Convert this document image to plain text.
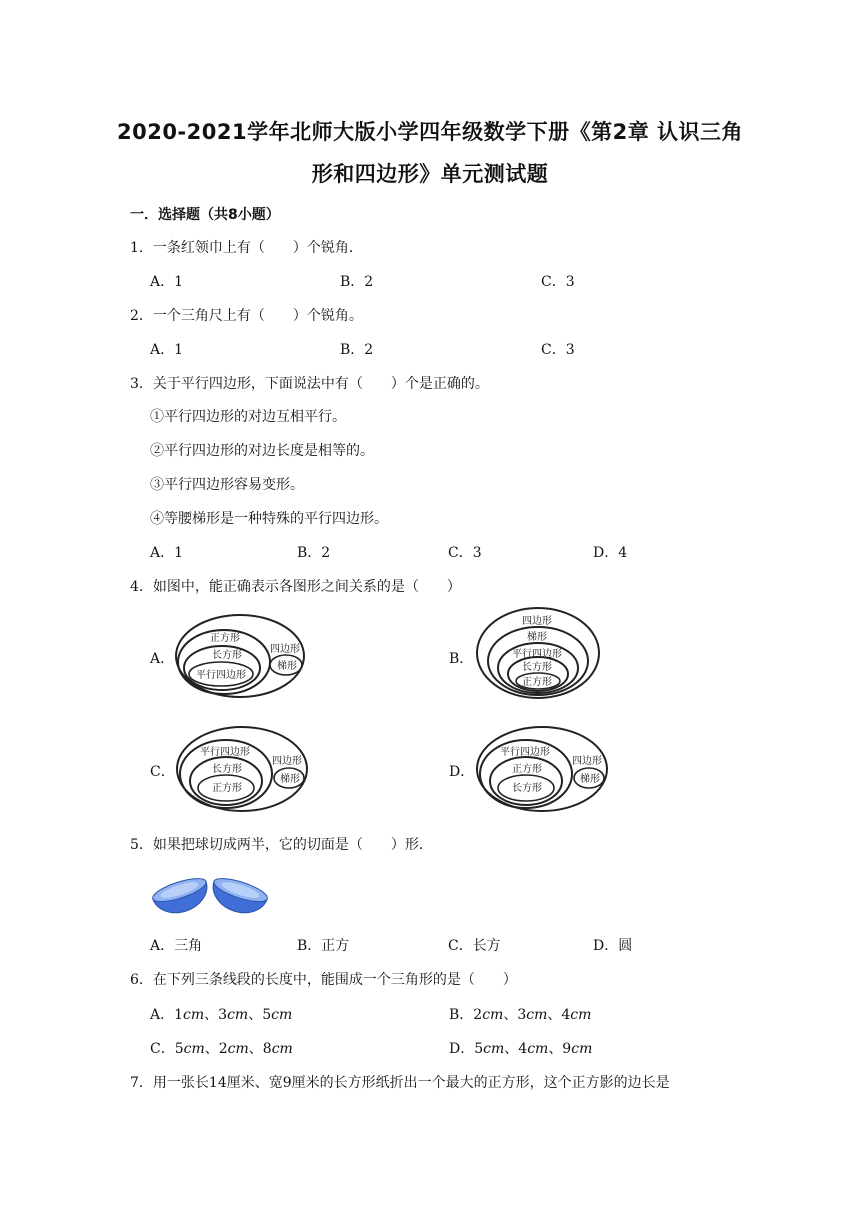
2020-2021学年北师大版小学四年级数学下册《第2章 认识三角
形和四边形》单元测试题
一．选择题（共8小题）
1．一条红领巾上有（　　）个锐角．
A．1	B．2	C．3
2．一个三角尺上有（　　）个锐角。
A．1	B．2	C．3
3．关于平行四边形，下面说法中有（　　）个是正确的。
①平行四边形的对边互相平行。
②平行四边形的对边长度是相等的。
③平行四边形容易变形。
④等腰梯形是一种特殊的平行四边形。
A．1	B．2	C．3	D．4
4．如图中，能正确表示各图形之间关系的是（　　）
A．	B．
C．	D．
正方形
长方形
平行四边形
四边形
梯形
四边形
梯形
平行四边形
长方形
正方形
平行四边形
长方形
正方形
四边形
梯形
平行四边形
正方形
长方形
四边形
梯形
5．如果把球切成两半，它的切面是（　　）形．
A．三角	B．正方	C．长方	D．圆
6．在下列三条线段的长度中，能围成一个三角形的是（　　）
A．1cm、3cm、5cm	B．2cm、3cm、4cm
C．5cm、2cm、8cm	D．5cm、4cm、9cm
7．用一张长14厘米、宽9厘米的长方形纸折出一个最大的正方形，这个正方影的边长是
